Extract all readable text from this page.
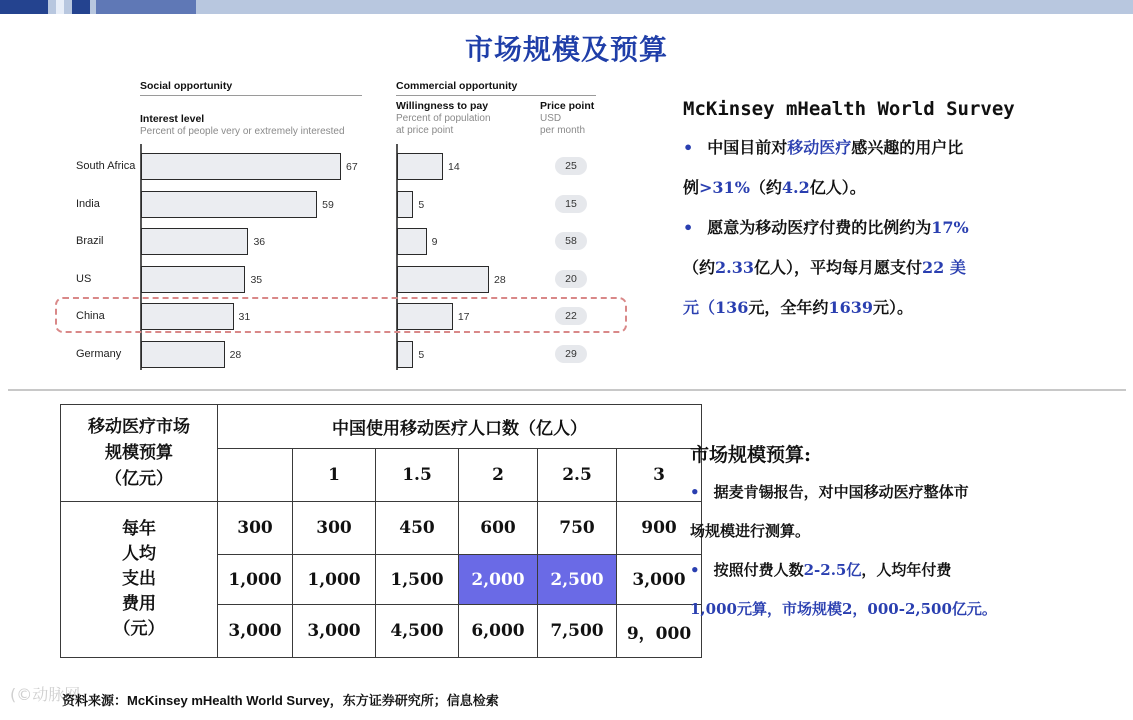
市场规模及预算
Social opportunity	Commercial opportunity
Interest level
Percent of people very or extremely interested
Willingness to pay
Percent of population
at price point
Price point
USD
per month
South Africa	67	14	25
India	59	5	15
Brazil	36	9	58
US	35	28	20
China	31	17	22
Germany	28	5	29
McKinsey mHealth World Survey
• 中国目前对移动医疗感兴趣的用户比
例>31%（约4.2亿人）。
• 愿意为移动医疗付费的比例约为17%
（约2.33亿人），平均每月愿支付22 美
元（136元，全年约1639元）。
移动医疗市场
规模预算
（亿元）	中国使用移动医疗人口数（亿人）					
		1	1.5	2	2.5	3

每年
人均
支出
费用
（元）	300	300	450	600	750	900
	1,000	1,000	1,500	2,000	2,500	3,000
	3,000	3,000	4,500	6,000	7,500	9，000
市场规模预算:
• 据麦肯锡报告，对中国移动医疗整体市
场规模进行测算。
• 按照付费人数2-2.5亿，人均年付费
1,000元算，市场规模2，000-2,500亿元。
(©动脉网
资料来源：McKinsey mHealth World Survey，东方证券研究所；信息检索
